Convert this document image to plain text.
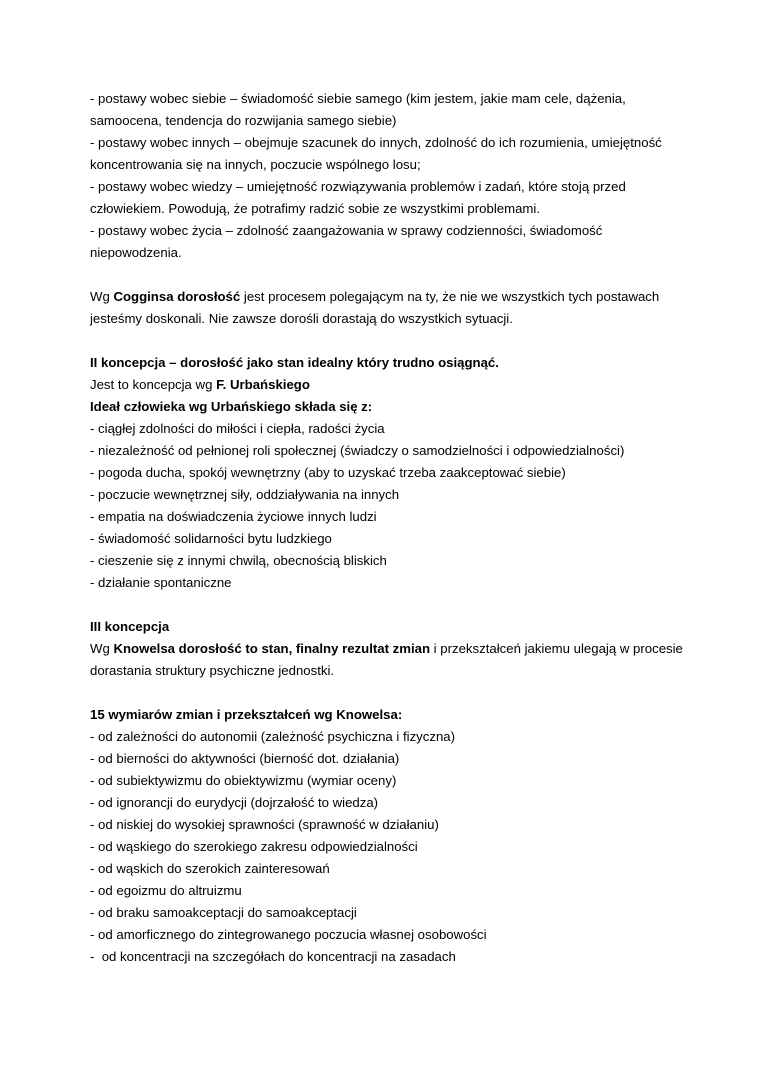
- postawy wobec siebie – świadomość siebie samego (kim jestem, jakie mam cele, dążenia,
samoocena, tendencja do rozwijania samego siebie)
- postawy wobec innych – obejmuje szacunek do innych, zdolność do ich rozumienia, umiejętność
koncentrowania się na innych, poczucie wspólnego losu;
- postawy wobec wiedzy – umiejętność rozwiązywania problemów i zadań, które stoją przed
człowiekiem. Powodują, że potrafimy radzić sobie ze wszystkimi problemami.
- postawy wobec życia – zdolność zaangażowania w sprawy codzienności, świadomość
niepowodzenia.
Wg Cogginsa dorosłość jest procesem polegającym na ty, że nie we wszystkich tych postawach
jesteśmy doskonali. Nie zawsze dorośli dorastają do wszystkich sytuacji.
II koncepcja – dorosłość jako stan idealny który trudno osiągnąć.
Jest to koncepcja wg F. Urbańskiego
Ideał człowieka wg Urbańskiego składa się z:
- ciągłej zdolności do miłości i ciepła, radości życia
- niezależność od pełnionej roli społecznej (świadczy o samodzielności i odpowiedzialności)
- pogoda ducha, spokój wewnętrzny (aby to uzyskać trzeba zaakceptować siebie)
- poczucie wewnętrznej siły, oddziaływania na innych
- empatia na doświadczenia życiowe innych ludzi
- świadomość solidarności bytu ludzkiego
- cieszenie się z innymi chwilą, obecnością bliskich
- działanie spontaniczne
III koncepcja
Wg Knowelsa dorosłość to stan, finalny rezultat zmian i przekształceń jakiemu ulegają w procesie
dorastania struktury psychiczne jednostki.
15 wymiarów zmian i przekształceń wg Knowelsa:
- od zależności do autonomii (zależność psychiczna i fizyczna)
- od bierności do aktywności (bierność dot. działania)
- od subiektywizmu do obiektywizmu (wymiar oceny)
- od ignorancji do eurydycji (dojrzałość to wiedza)
- od niskiej do wysokiej sprawności (sprawność w działaniu)
- od wąskiego do szerokiego zakresu odpowiedzialności
- od wąskich do szerokich zainteresowań
- od egoizmu do altruizmu
- od braku samoakceptacji do samoakceptacji
- od amorficznego do zintegrowanego poczucia własnej osobowości
-  od koncentracji na szczegółach do koncentracji na zasadach
